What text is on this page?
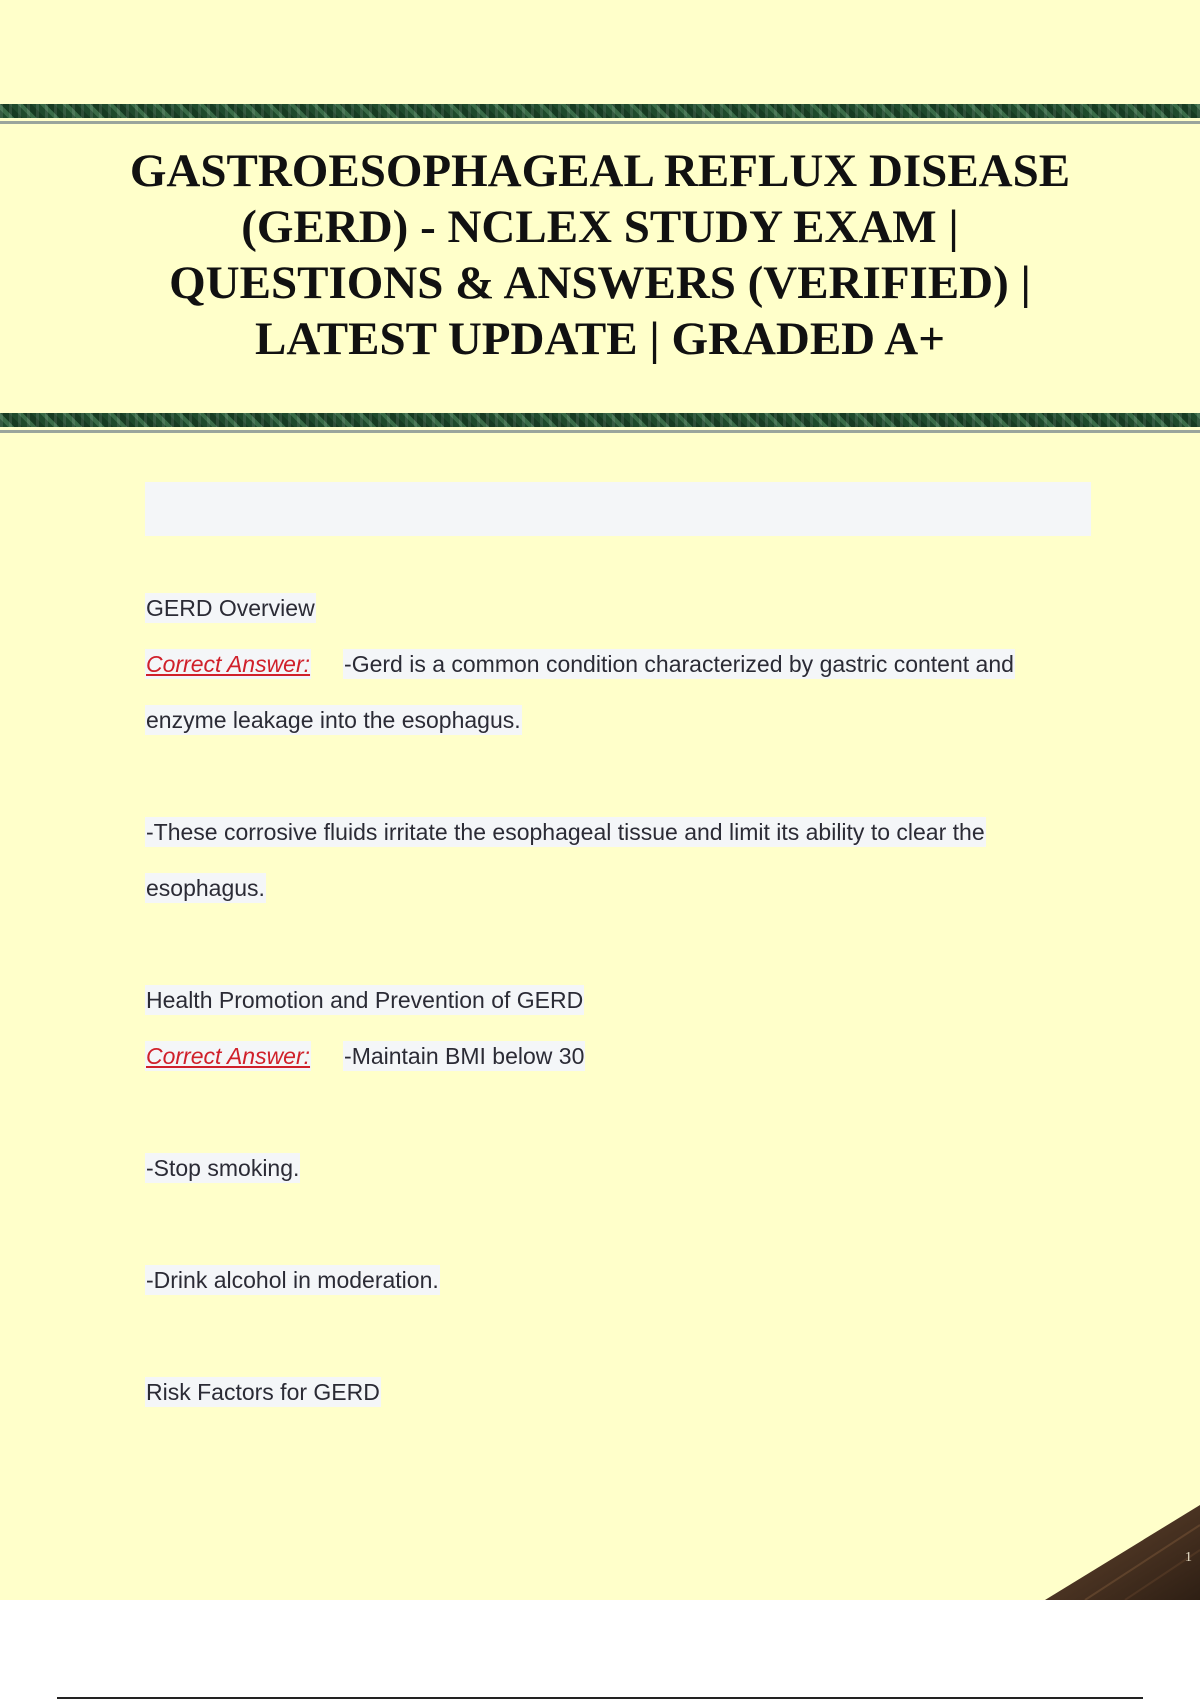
GASTROESOPHAGEAL REFLUX DISEASE (GERD) - NCLEX STUDY EXAM | QUESTIONS & ANSWERS (VERIFIED) | LATEST UPDATE | GRADED A+
GERD Overview
Correct Answer: -Gerd is a common condition characterized by gastric content and
enzyme leakage into the esophagus.
-These corrosive fluids irritate the esophageal tissue and limit its ability to clear the
esophagus.
Health Promotion and Prevention of GERD
Correct Answer: -Maintain BMI below 30
-Stop smoking.
-Drink alcohol in moderation.
Risk Factors for GERD
1
